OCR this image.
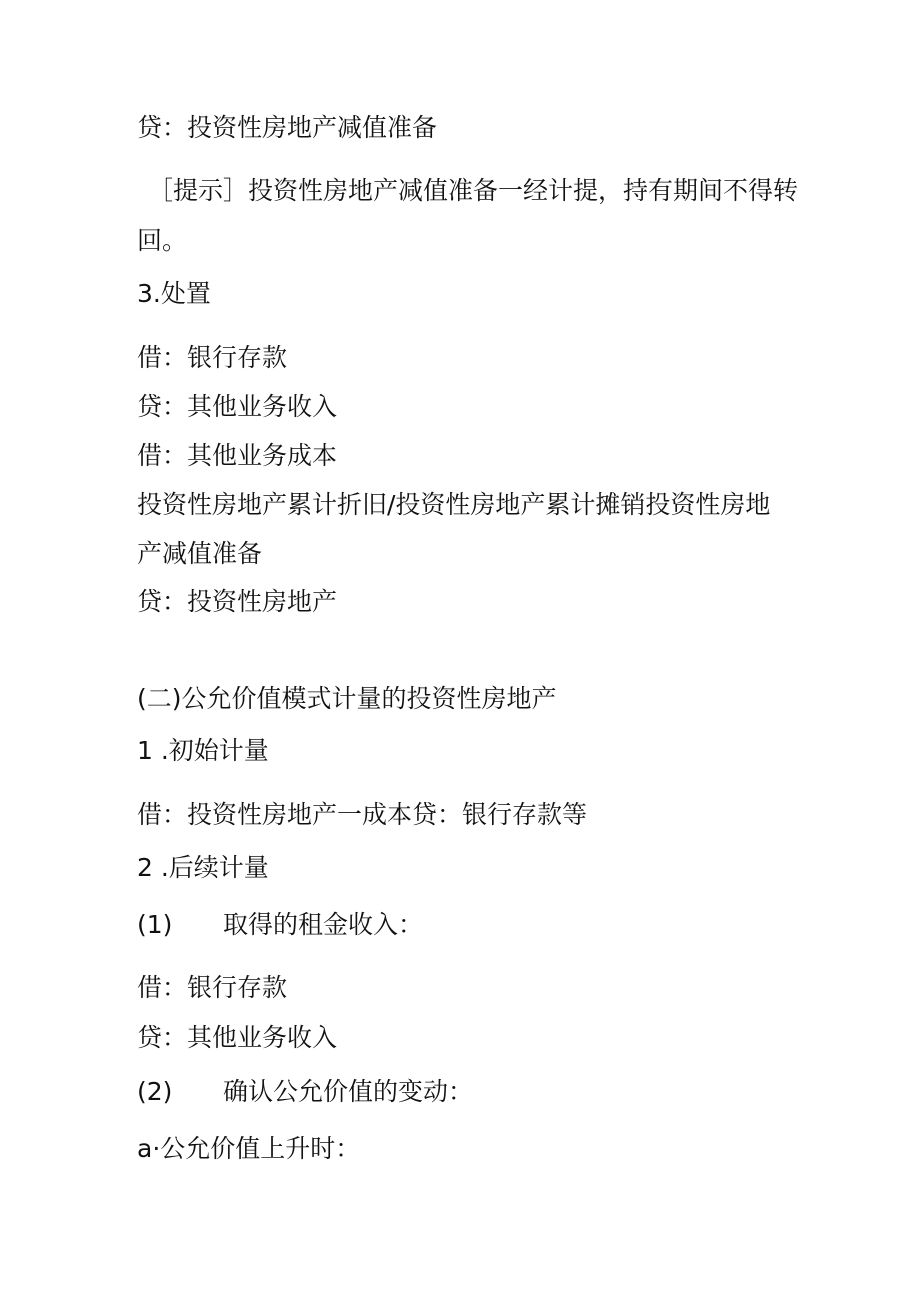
贷：投资性房地产减值准备
［提示］投资性房地产减值准备一经计提，持有期间不得转
回。
3.处置
借：银行存款
贷：其他业务收入
借：其他业务成本
投资性房地产累计折旧/投资性房地产累计摊销投资性房地
产减值准备
贷：投资性房地产
(二)公允价值模式计量的投资性房地产
1 .初始计量
借：投资性房地产一成本贷：银行存款等
2 .后续计量
(1) 取得的租金收入：
借：银行存款
贷：其他业务收入
(2) 确认公允价值的变动：
a·公允价值上升时：
